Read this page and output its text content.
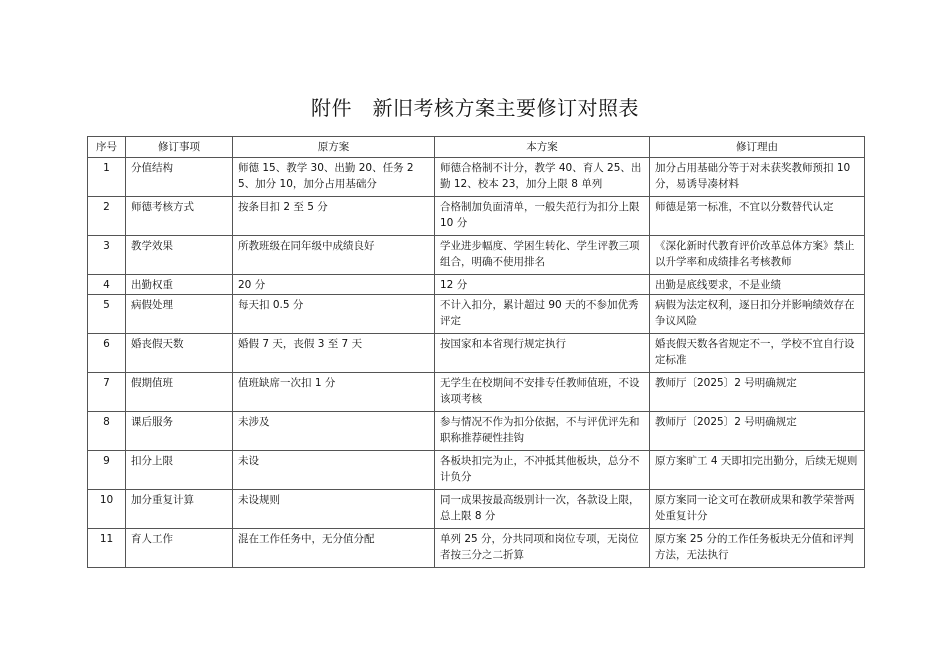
附件　新旧考核方案主要修订对照表
序号	修订事项	原方案	本方案	修订理由
1	分值结构	师德 15、教学 30、出勤 20、任务 25、加分 10，加分占用基础分	师德合格制不计分，教学 40、育人 25、出勤 12、校本 23，加分上限 8 单列	加分占用基础分等于对未获奖教师预扣 10 分，易诱导凑材料
2	师德考核方式	按条目扣 2 至 5 分	合格制加负面清单，一般失范行为扣分上限 10 分	师德是第一标准，不宜以分数替代认定
3	教学效果	所教班级在同年级中成绩良好	学业进步幅度、学困生转化、学生评教三项组合，明确不使用排名	《深化新时代教育评价改革总体方案》禁止以升学率和成绩排名考核教师
4	出勤权重	20 分	12 分	出勤是底线要求，不是业绩
5	病假处理	每天扣 0.5 分	不计入扣分，累计超过 90 天的不参加优秀评定	病假为法定权利，逐日扣分并影响绩效存在争议风险
6	婚丧假天数	婚假 7 天，丧假 3 至 7 天	按国家和本省现行规定执行	婚丧假天数各省规定不一，学校不宜自行设定标准
7	假期值班	值班缺席一次扣 1 分	无学生在校期间不安排专任教师值班，不设该项考核	教师厅〔2025〕2 号明确规定
8	课后服务	未涉及	参与情况不作为扣分依据，不与评优评先和职称推荐硬性挂钩	教师厅〔2025〕2 号明确规定
9	扣分上限	未设	各板块扣完为止，不冲抵其他板块，总分不计负分	原方案旷工 4 天即扣完出勤分，后续无规则
10	加分重复计算	未设规则	同一成果按最高级别计一次，各款设上限，总上限 8 分	原方案同一论文可在教研成果和教学荣誉两处重复计分
11	育人工作	混在工作任务中，无分值分配	单列 25 分，分共同项和岗位专项，无岗位者按三分之二折算	原方案 25 分的工作任务板块无分值和评判方法，无法执行
